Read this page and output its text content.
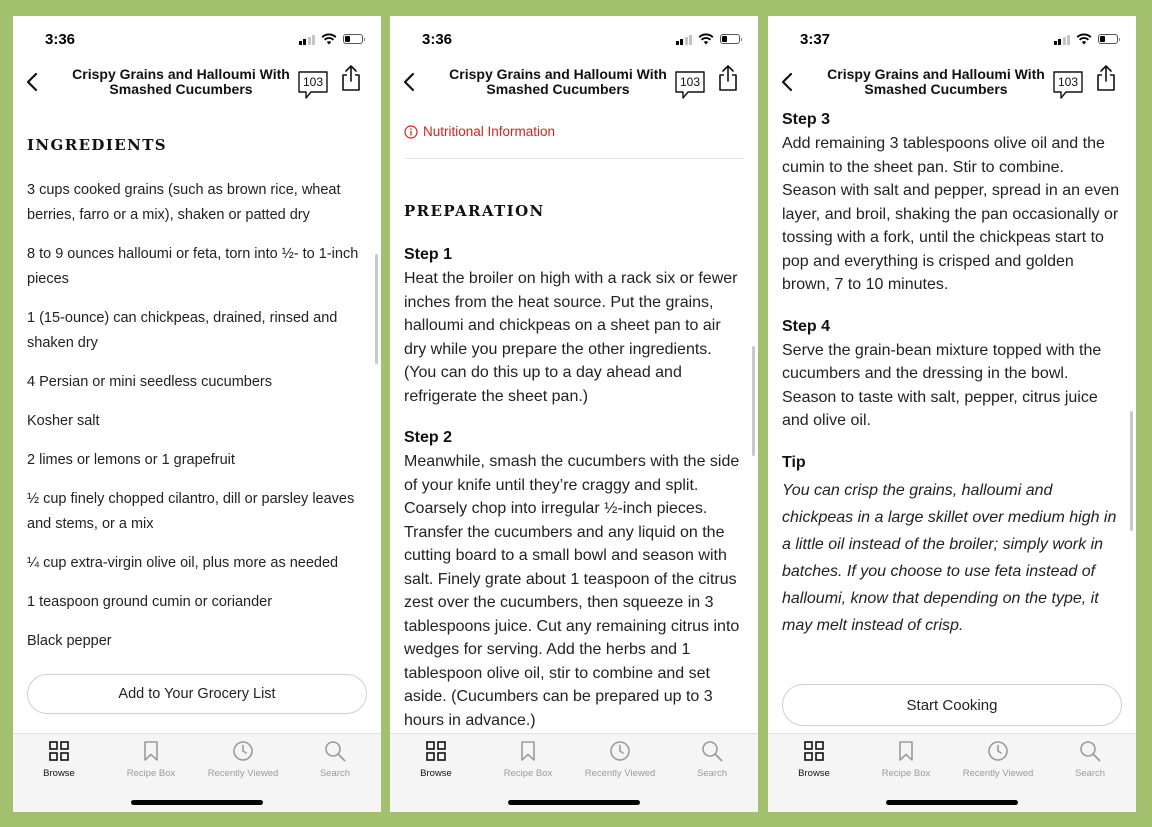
3:36
Crispy Grains and Halloumi With Smashed Cucumbers	103
INGREDIENTS
3 cups cooked grains (such as brown rice, wheat berries, farro or a mix), shaken or patted dry
8 to 9 ounces halloumi or feta, torn into ½- to 1-inch pieces
1 (15-ounce) can chickpeas, drained, rinsed and shaken dry
4 Persian or mini seedless cucumbers
Kosher salt
2 limes or lemons or 1 grapefruit
½ cup finely chopped cilantro, dill or parsley leaves and stems, or a mix
¼ cup extra-virgin olive oil, plus more as needed
1 teaspoon ground cumin or coriander
Black pepper
Add to Your Grocery List
Browse	Recipe Box	Recently Viewed	Search
3:36
Crispy Grains and Halloumi With Smashed Cucumbers	103
Nutritional Information
PREPARATION
Step 1

Heat the broiler on high with a rack six or fewer inches from the heat source. Put the grains, halloumi and chickpeas on a sheet pan to air dry while you prepare the other ingredients. (You can do this up to a day ahead and refrigerate the sheet pan.)

Step 2

Meanwhile, smash the cucumbers with the side of your knife until they’re craggy and split. Coarsely chop into irregular ½-inch pieces. Transfer the cucumbers and any liquid on the cutting board to a small bowl and season with salt. Finely grate about 1 teaspoon of the citrus zest over the cucumbers, then squeeze in 3 tablespoons juice. Cut any remaining citrus into wedges for serving. Add the herbs and 1 tablespoon olive oil, stir to combine and set aside. (Cucumbers can be prepared up to 3 hours in advance.)

Browse	Recipe Box	Recently Viewed	Search
3:37
Crispy Grains and Halloumi With Smashed Cucumbers	103
Step 3

Add remaining 3 tablespoons olive oil and the cumin to the sheet pan. Stir to combine. Season with salt and pepper, spread in an even layer, and broil, shaking the pan occasionally or tossing with a fork, until the chickpeas start to pop and everything is crisped and golden brown, 7 to 10 minutes.

Step 4

Serve the grain-bean mixture topped with the cucumbers and the dressing in the bowl. Season to taste with salt, pepper, citrus juice and olive oil.

Tip

You can crisp the grains, halloumi and chickpeas in a large skillet over medium high in a little oil instead of the broiler; simply work in batches. If you choose to use feta instead of halloumi, know that depending on the type, it may melt instead of crisp.

Start Cooking
Browse	Recipe Box	Recently Viewed	Search
